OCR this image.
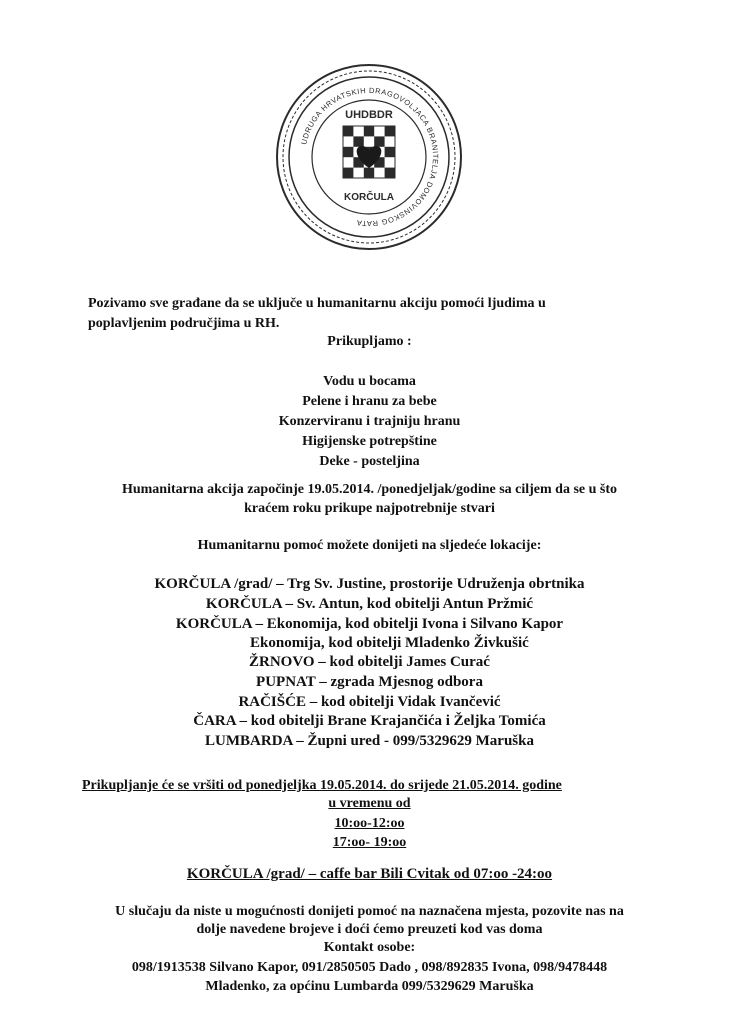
UDRUGA HRVATSKIH DRAGOVOLJACA BRANITELJA DOMOVINSKOG RATA
UHDBDR
KORČULA
Pozivamo sve građane da se uključe u humanitarnu akciju pomoći ljudima u
poplavljenim područjima u RH.
Prikupljamo :
Vodu u bocama
Pelene i hranu za bebe
Konzerviranu i trajniju hranu
Higijenske potrepštine
Deke - posteljina
Humanitarna akcija započinje 19.05.2014. /ponedjeljak/godine sa ciljem da se u što
kraćem roku prikupe najpotrebnije stvari
Humanitarnu pomoć možete donijeti na sljedeće lokacije:
KORČULA /grad/ – Trg Sv. Justine, prostorije Udruženja obrtnika
KORČULA – Sv. Antun, kod obitelji Antun Pržmić
KORČULA – Ekonomija, kod obitelji Ivona i Silvano Kapor
Ekonomija, kod obitelji Mladenko Živkušić
ŽRNOVO – kod obitelji James Curać
PUPNAT – zgrada Mjesnog odbora
RAČIŠĆE – kod obitelji Vidak Ivančević
ČARA – kod obitelji Brane Krajančića i Željka Tomića
LUMBARDA – Župni ured - 099/5329629 Maruška
Prikupljanje će se vršiti od ponedjeljka 19.05.2014. do srijede 21.05.2014. godine
u vremenu od
10:oo-12:oo
17:oo- 19:oo
KORČULA /grad/ – caffe bar Bili Cvitak od 07:oo -24:oo
U slučaju da niste u mogućnosti donijeti pomoć na naznačena mjesta, pozovite nas na
dolje navedene brojeve i doći ćemo preuzeti kod vas doma
Kontakt osobe:
098/1913538 Silvano Kapor, 091/2850505 Dado , 098/892835 Ivona, 098/9478448
Mladenko, za općinu Lumbarda 099/5329629 Maruška
